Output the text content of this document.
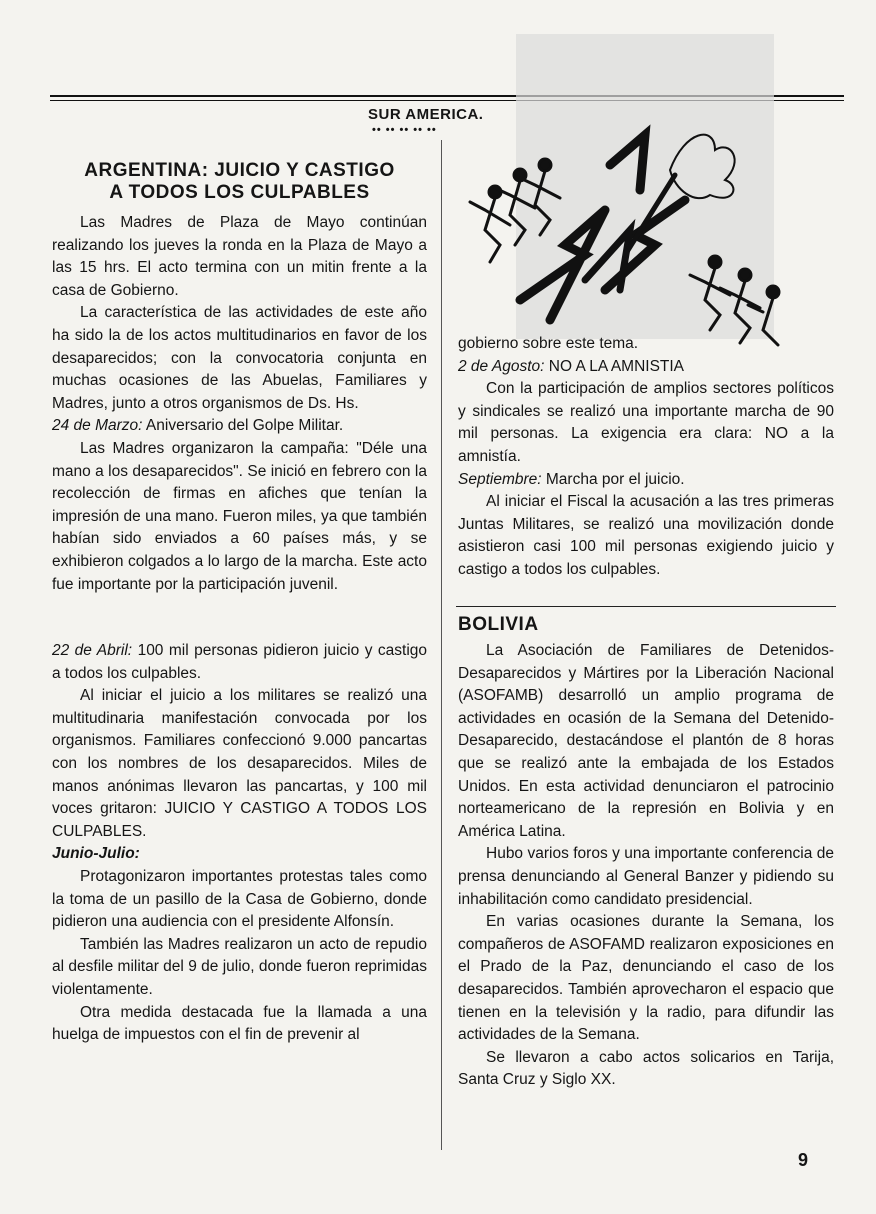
SUR AMERICA.
•• •• •• •• ••
ARGENTINA: JUICIO Y CASTIGO
A TODOS LOS CULPABLES

Las Madres de Plaza de Mayo continúan realizando los jueves la ronda en la Plaza de Mayo a las 15 hrs. El acto termina con un mitin frente a la casa de Gobierno.

La característica de las actividades de este año ha sido la de los actos multitudinarios en favor de los desaparecidos; con la convocatoria conjunta en muchas ocasiones de las Abuelas, Familiares y Madres, junto a otros organismos de Ds. Hs.

24 de Marzo: Aniversario del Golpe Militar.

Las Madres organizaron la campaña: "Déle una mano a los desaparecidos". Se inició en febrero con la recolección de firmas en afiches que tenían la impresión de una mano. Fueron miles, ya que también habían sido enviados a 60 países más, y se exhibieron colgados a lo largo de la marcha. Este acto fue importante por la participación juvenil.

22 de Abril: 100 mil personas pidieron juicio y castigo a todos los culpables.

Al iniciar el juicio a los militares se realizó una multitudinaria manifestación convocada por los organismos. Familiares confeccionó 9.000 pancartas con los nombres de los desaparecidos. Miles de manos anónimas llevaron las pancartas, y 100 mil voces gritaron: JUICIO Y CASTIGO A TODOS LOS CULPABLES.

Junio-Julio:

Protagonizaron importantes protestas tales como la toma de un pasillo de la Casa de Gobierno, donde pidieron una audiencia con el presidente Alfonsín.

También las Madres realizaron un acto de repudio al desfile militar del 9 de julio, donde fueron reprimidas violentamente.

Otra medida destacada fue la llamada a una huelga de impuestos con el fin de prevenir al

gobierno sobre este tema.

2 de Agosto: NO A LA AMNISTIA

Con la participación de amplios sectores políticos y sindicales se realizó una importante marcha de 90 mil personas. La exigencia era clara: NO a la amnistía.

Septiembre: Marcha por el juicio.

Al iniciar el Fiscal la acusación a las tres primeras Juntas Militares, se realizó una movilización donde asistieron casi 100 mil personas exigiendo juicio y castigo a todos los culpables.

BOLIVIA

La Asociación de Familiares de Detenidos-Desaparecidos y Mártires por la Liberación Nacional (ASOFAMB) desarrolló un amplio programa de actividades en ocasión de la Semana del Detenido-Desaparecido, destacándose el plantón de 8 horas que se realizó ante la embajada de los Estados Unidos. En esta actividad denunciaron el patrocinio norteamericano de la represión en Bolivia y en América Latina.

Hubo varios foros y una importante conferencia de prensa denunciando al General Banzer y pidiendo su inhabilitación como candidato presidencial.

En varias ocasiones durante la Semana, los compañeros de ASOFAMD realizaron exposiciones en el Prado de la Paz, denunciando el caso de los desaparecidos. También aprovecharon el espacio que tienen en la televisión y la radio, para difundir las actividades de la Semana.

Se llevaron a cabo actos solicarios en Tarija, Santa Cruz y Siglo XX.

9
